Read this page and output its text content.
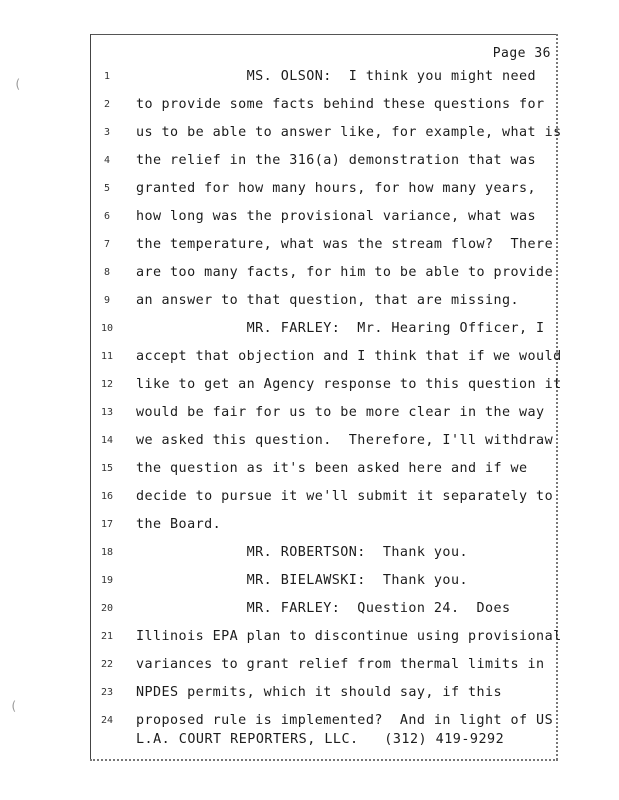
(
(
Page 36
1 MS. OLSON:  I think you might need
2 to provide some facts behind these questions for
3 us to be able to answer like, for example, what is
4 the relief in the 316(a) demonstration that was
5 granted for how many hours, for how many years,
6 how long was the provisional variance, what was
7 the temperature, what was the stream flow?  There
8 are too many facts, for him to be able to provide
9 an answer to that question, that are missing.
10 MR. FARLEY:  Mr. Hearing Officer, I
11 accept that objection and I think that if we would
12 like to get an Agency response to this question it
13 would be fair for us to be more clear in the way
14 we asked this question.  Therefore, I'll withdraw
15 the question as it's been asked here and if we
16 decide to pursue it we'll submit it separately to
17 the Board.
18 MR. ROBERTSON:  Thank you.
19 MR. BIELAWSKI:  Thank you.
20 MR. FARLEY:  Question 24.  Does
21 Illinois EPA plan to discontinue using provisional
22 variances to grant relief from thermal limits in
23 NPDES permits, which it should say, if this
24 proposed rule is implemented?  And in light of US
L.A. COURT REPORTERS, LLC.   (312) 419-9292
